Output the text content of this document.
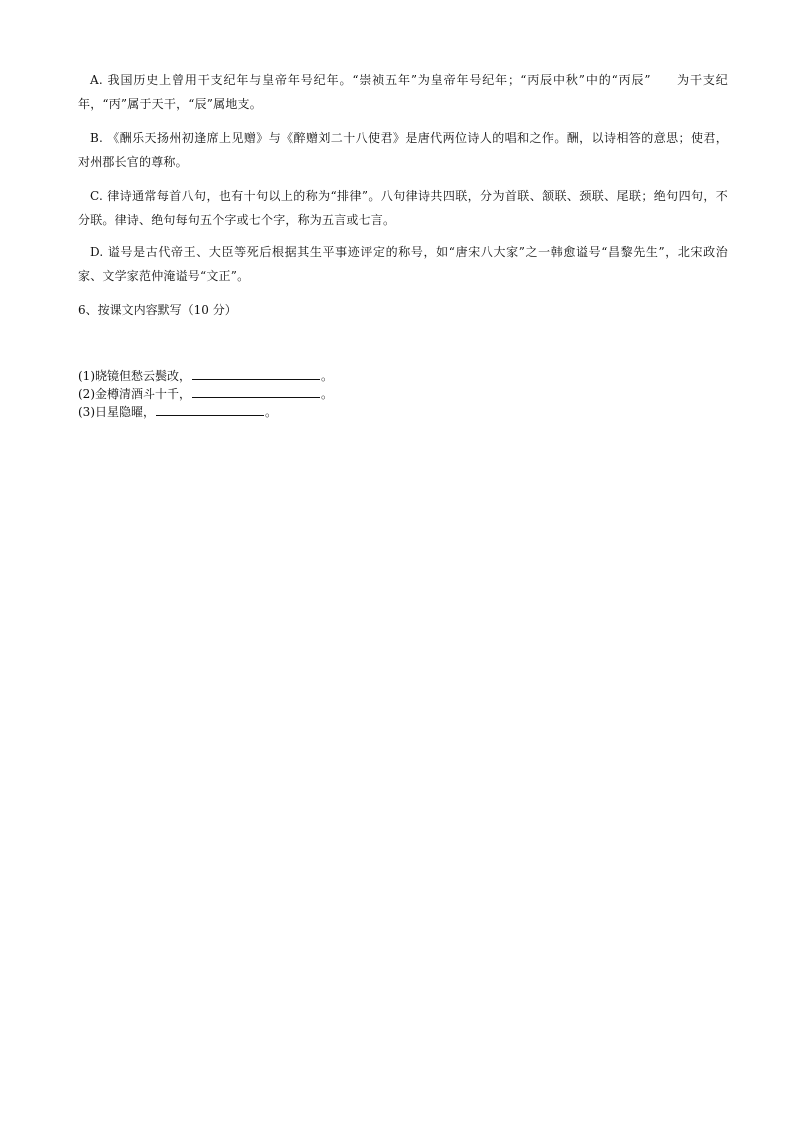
A. 我国历史上曾用干支纪年与皇帝年号纪年。“崇祯五年”为皇帝年号纪年；“丙辰中秋”中的“丙辰”　　为干支纪年，“丙”属于天干，“辰”属地支。
B. 《酬乐天扬州初逢席上见赠》与《醉赠刘二十八使君》是唐代两位诗人的唱和之作。酬，以诗相答的意思；使君，对州郡长官的尊称。
C. 律诗通常每首八句，也有十句以上的称为“排律”。八句律诗共四联，分为首联、颔联、颈联、尾联；绝句四句，不分联。律诗、绝句每句五个字或七个字，称为五言或七言。
D. 谥号是古代帝王、大臣等死后根据其生平事迹评定的称号，如“唐宋八大家”之一韩愈谥号“昌黎先生”，北宋政治家、文学家范仲淹谥号“文正”。
6、按课文内容默写（10 分）
(1)晓镜但愁云鬓改，	。
(2)金樽清酒斗十千，	。
(3)日星隐曜，	。
